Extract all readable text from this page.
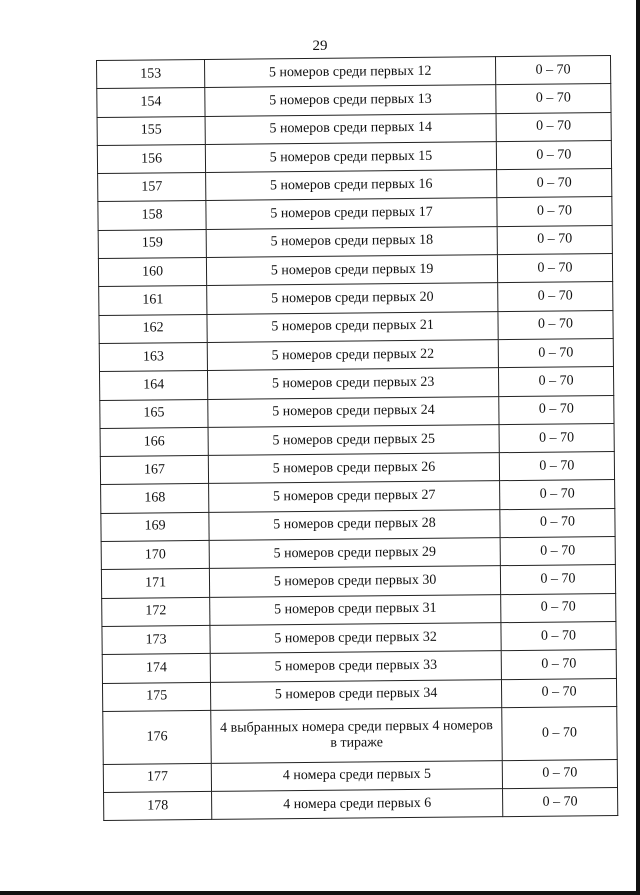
29
153	5 номеров среди первых 12	0 – 70
154	5 номеров среди первых 13	0 – 70
155	5 номеров среди первых 14	0 – 70
156	5 номеров среди первых 15	0 – 70
157	5 номеров среди первых 16	0 – 70
158	5 номеров среди первых 17	0 – 70
159	5 номеров среди первых 18	0 – 70
160	5 номеров среди первых 19	0 – 70
161	5 номеров среди первых 20	0 – 70
162	5 номеров среди первых 21	0 – 70
163	5 номеров среди первых 22	0 – 70
164	5 номеров среди первых 23	0 – 70
165	5 номеров среди первых 24	0 – 70
166	5 номеров среди первых 25	0 – 70
167	5 номеров среди первых 26	0 – 70
168	5 номеров среди первых 27	0 – 70
169	5 номеров среди первых 28	0 – 70
170	5 номеров среди первых 29	0 – 70
171	5 номеров среди первых 30	0 – 70
172	5 номеров среди первых 31	0 – 70
173	5 номеров среди первых 32	0 – 70
174	5 номеров среди первых 33	0 – 70
175	5 номеров среди первых 34	0 – 70
176	4 выбранных номера среди первых 4 номеров в тираже	0 – 70
177	4 номера среди первых 5	0 – 70
178	4 номера среди первых 6	0 – 70
